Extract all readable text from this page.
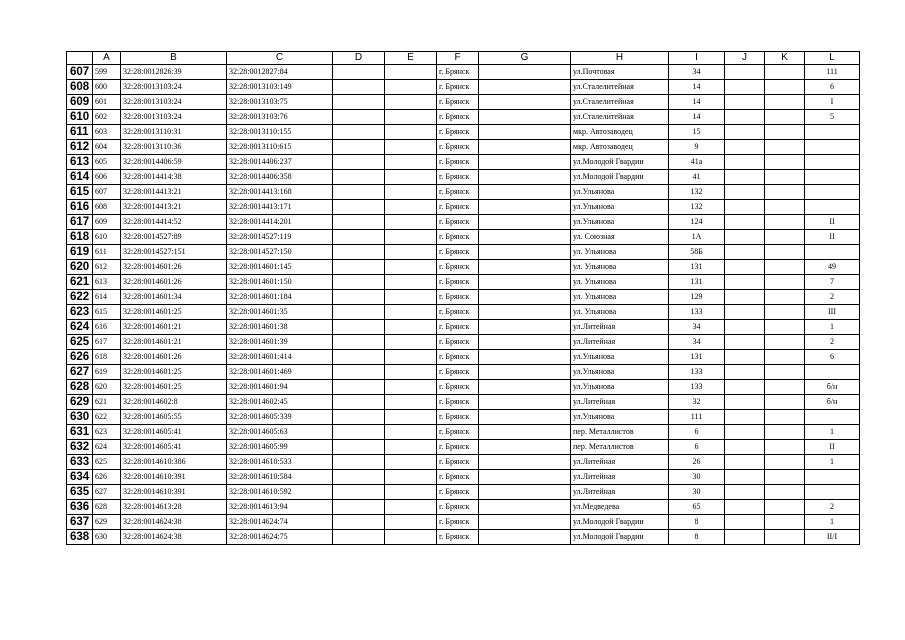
	A	B	C	D	E	F	G	H	I	J	K	L
607	599	32:28:0012826:39	32:28:0012827:84			г. Брянск		ул.Почтовая	34			111
608	600	32:28:0013103:24	32:28:0013103:149			г. Брянск		ул.Сталелитейная	14			6
609	601	32:28:0013103:24	32:28:0013103:75			г. Брянск		ул.Сталелитейная	14			I
610	602	32:28:0013103:24	32:28:0013103:76			г. Брянск		ул.Сталелитейная	14			5
611	603	32:28:0013110:31	32:28:0013110:155			г. Брянск		мкр. Автозаводец	15			
612	604	32:28:0013110:36	32:28:0013110:615			г. Брянск		мкр. Автозаводец	9			
613	605	32:28:0014406:59	32:28:0014406:237			г. Брянск		ул.Молодой Гвардии	41а			
614	606	32:28:0014414:38	32:28:0014406:358			г. Брянск		ул.Молодой Гвардии	41			
615	607	32:28:0014413:21	32:28:0014413:168			г. Брянск		ул.Ульянова	132			
616	608	32:28:0014413:21	32:28:0014413:171			г. Брянск		ул.Ульянова	132			
617	609	32:28:0014414:52	32:28:0014414:201			г. Брянск		ул.Ульянова	124			II
618	610	32:28:0014527:89	32:28:0014527:119			г. Брянск		ул. Союзная	1А			II
619	611	32:28:0014527:151	32:28:0014527:150			г. Брянск		ул. Ульянова	58Б			
620	612	32:28:0014601:26	32:28:0014601:145			г. Брянск		ул. Ульянова	131			49
621	613	32:28:0014601:26	32:28:0014601:150			г. Брянск		ул. Ульянова	131			7
622	614	32:28:0014601:34	32:28:0014601:184			г. Брянск		ул. Ульянова	129			2
623	615	32:28:0014601:25	32:28:0014601:35			г. Брянск		ул. Ульянова	133			III
624	616	32:28:0014601:21	32:28:0014601:38			г. Брянск		ул.Литейная	34			1
625	617	32:28:0014601:21	32:28:0014601:39			г. Брянск		ул.Литейная	34			2
626	618	32:28:0014601:26	32:28:0014601:414			г. Брянск		ул.Ульянова	131			6
627	619	32:28:0014601:25	32:28:0014601:469			г. Брянск		ул.Ульянова	133			
628	620	32:28:0014601:25	32:28:0014601:94			г. Брянск		ул.Ульянова	133			б/н
629	621	32:28:0014602:8	32:28:0014602:45			г. Брянск		ул.Литейная	32			б/н
630	622	32:28:0014605:55	32:28:0014605:339			г. Брянск		ул.Ульянова	111			
631	623	32:28:0014605:41	32:28:0014605:63			г. Брянск		пер. Металлистов	6			1
632	624	32:28:0014605:41	32:28:0014605:99			г. Брянск		пер. Металлистов	6			II
633	625	32:28:0014610:386	32:28:0014610:533			г. Брянск		ул.Литейная	26			1
634	626	32:28:0014610:391	32:28:0014610:584			г. Брянск		ул.Литейная	30			
635	627	32:28:0014610:391	32:28:0014610:592			г. Брянск		ул.Литейная	30			
636	628	32:28:0014613:28	32:28:0014613:94			г. Брянск		ул.Медведева	65			2
637	629	32:28:0014624:38	32:28:0014624:74			г. Брянск		ул.Молодой Гвардии	8			1
638	630	32:28:0014624:38	32:28:0014624:75			г. Брянск		ул.Молодой Гвардии	8			II/I
